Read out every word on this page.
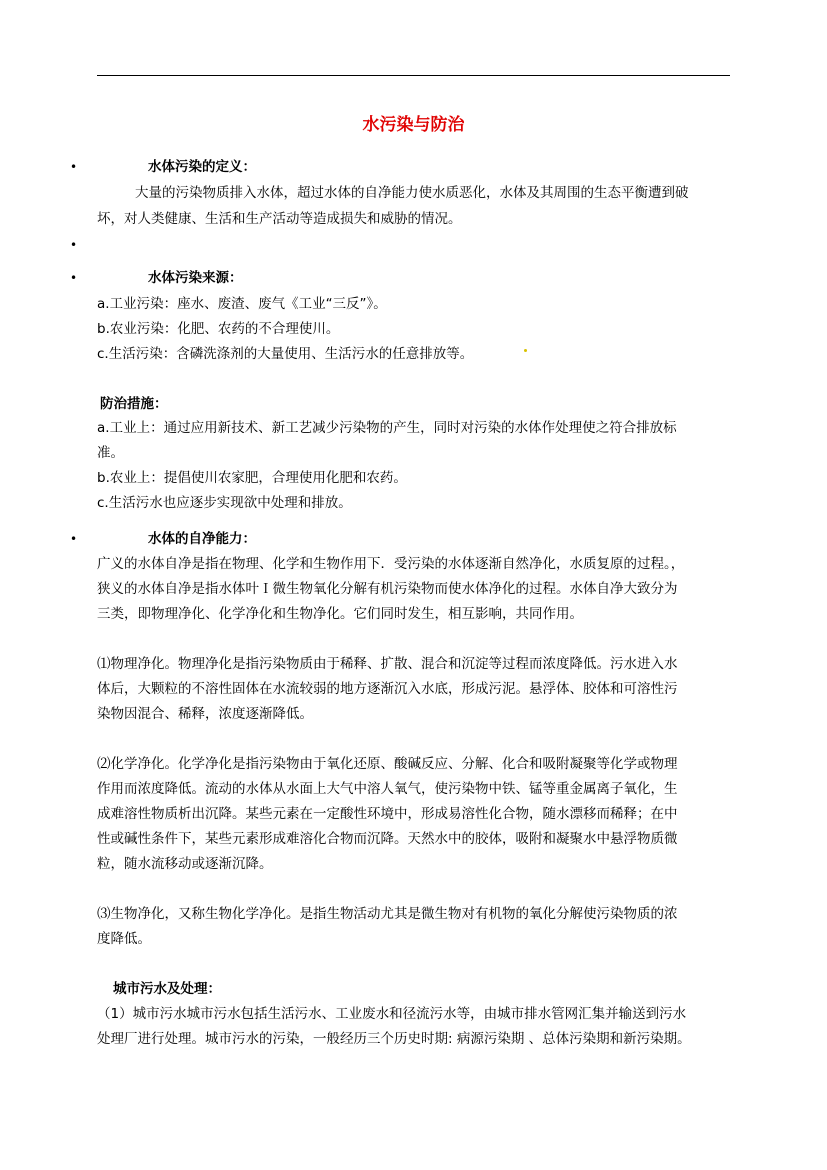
水污染与防治
•	水体污染的定义：
大量的污染物质排入水体，超过水体的自净能力使水质恶化，水体及其周围的生态平衡遭到破
坏，对人类健康、生活和生产活动等造成损失和威胁的情况。
•
•	水体污染来源：
a.工业污染：座水、废渣、废气《工业“三反”》。
b.农业污染：化肥、农药的不合理使川。
c.生活污染：含磷洗涤剂的大量使用、生活污水的任意排放等。
防治措施：
a.工业上：通过应用新技术、新工艺减少污染物的产生，同时对污染的水体作处理使之符合排放标
准。
b.农业上：提倡使川农家肥，合理使用化肥和农药。
c.生活污水也应逐步实现欲中处理和排放。
•	水体的自净能力：
广义的水体自净是指在物理、化学和生物作用下．受污染的水体逐渐自然净化，水质复原的过程。，
狭义的水体自净是指水体叶Ｉ微生物氧化分解有机污染物而使水体净化的过程。水体自净大致分为
三类，即物理净化、化学净化和生物净化。它们同时发生，相互影响，共同作用。
⑴物理净化。物理净化是指污染物质由于稀释、扩散、混合和沉淀等过程而浓度降低。污水进入水
体后，大颗粒的不溶性固体在水流较弱的地方逐渐沉入水底，形成污泥。悬浮体、胶体和可溶性污
染物因混合、稀释，浓度逐渐降低。
⑵化学净化。化学净化是指污染物由于氧化还原、酸碱反应、分解、化合和吸附凝聚等化学或物理
作用而浓度降低。流动的水体从水面上大气中溶人氧气，使污染物中铁、锰等重金属离子氧化，生
成难溶性物质析出沉降。某些元素在一定酸性环境中，形成易溶性化合物，随水漂移而稀释；在中
性或碱性条件下，某些元素形成难溶化合物而沉降。天然水中的胶体，吸附和凝聚水中悬浮物质微
粒，随水流移动或逐渐沉降。
⑶生物净化，又称生物化学净化。是指生物活动尤其是微生物对有机物的氧化分解使污染物质的浓
度降低。
城市污水及处理：
（1）城市污水城市污水包括生活污水、工业废水和径流污水等，由城市排水管网汇集并输送到污水
处理厂进行处理。城市污水的污染，一般经历三个历史时期: 病源污染期 、总体污染期和新污染期。
